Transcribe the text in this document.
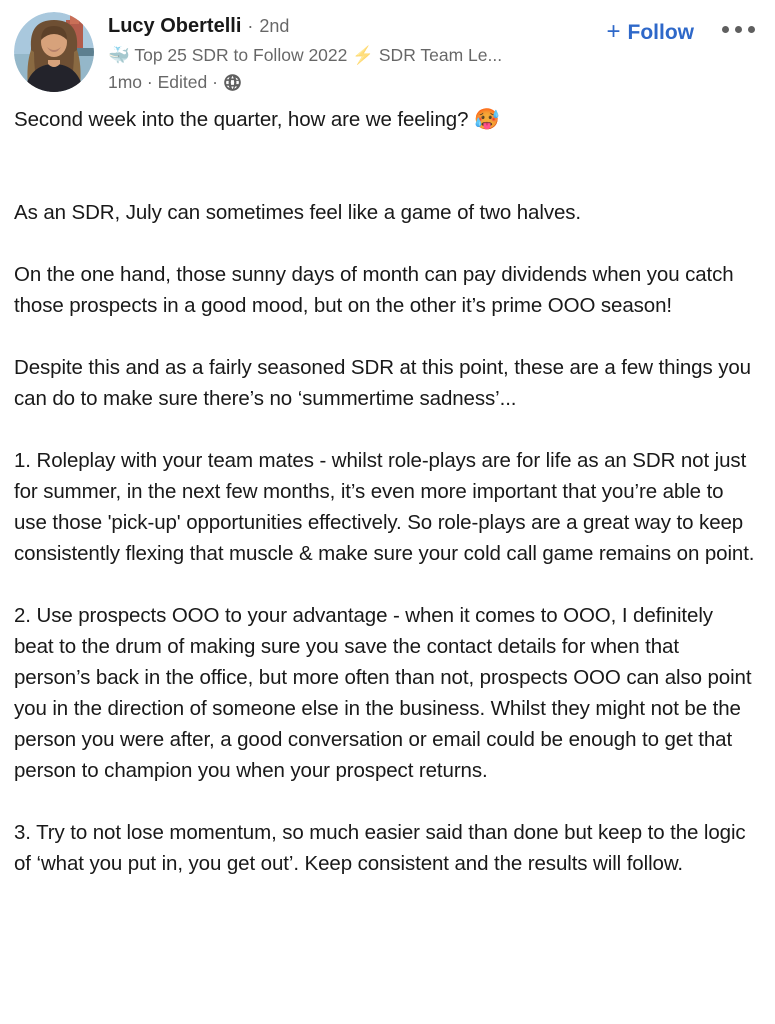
Lucy Obertelli · 2nd
🐳 Top 25 SDR to Follow 2022 ⚡ SDR Team Le...
1mo · Edited ·
+ Follow

Second week into the quarter, how are we feeling? 🥵

As an SDR, July can sometimes feel like a game of two halves.

On the one hand, those sunny days of month can pay dividends when you catch those prospects in a good mood, but on the other it’s prime OOO season!

Despite this and as a fairly seasoned SDR at this point, these are a few things you can do to make sure there’s no ‘summertime sadness’...

1. Roleplay with your team mates - whilst role-plays are for life as an SDR not just for summer, in the next few months, it’s even more important that you’re able to use those 'pick-up' opportunities effectively. So role-plays are a great way to keep consistently flexing that muscle & make sure your cold call game remains on point.

2. Use prospects OOO to your advantage - when it comes to OOO, I definitely beat to the drum of making sure you save the contact details for when that person’s back in the office, but more often than not, prospects OOO can also point you in the direction of someone else in the business. Whilst they might not be the person you were after, a good conversation or email could be enough to get that person to champion you when your prospect returns.

3. Try to not lose momentum, so much easier said than done but keep to the logic of ‘what you put in, you get out’. Keep consistent and the results will follow.
